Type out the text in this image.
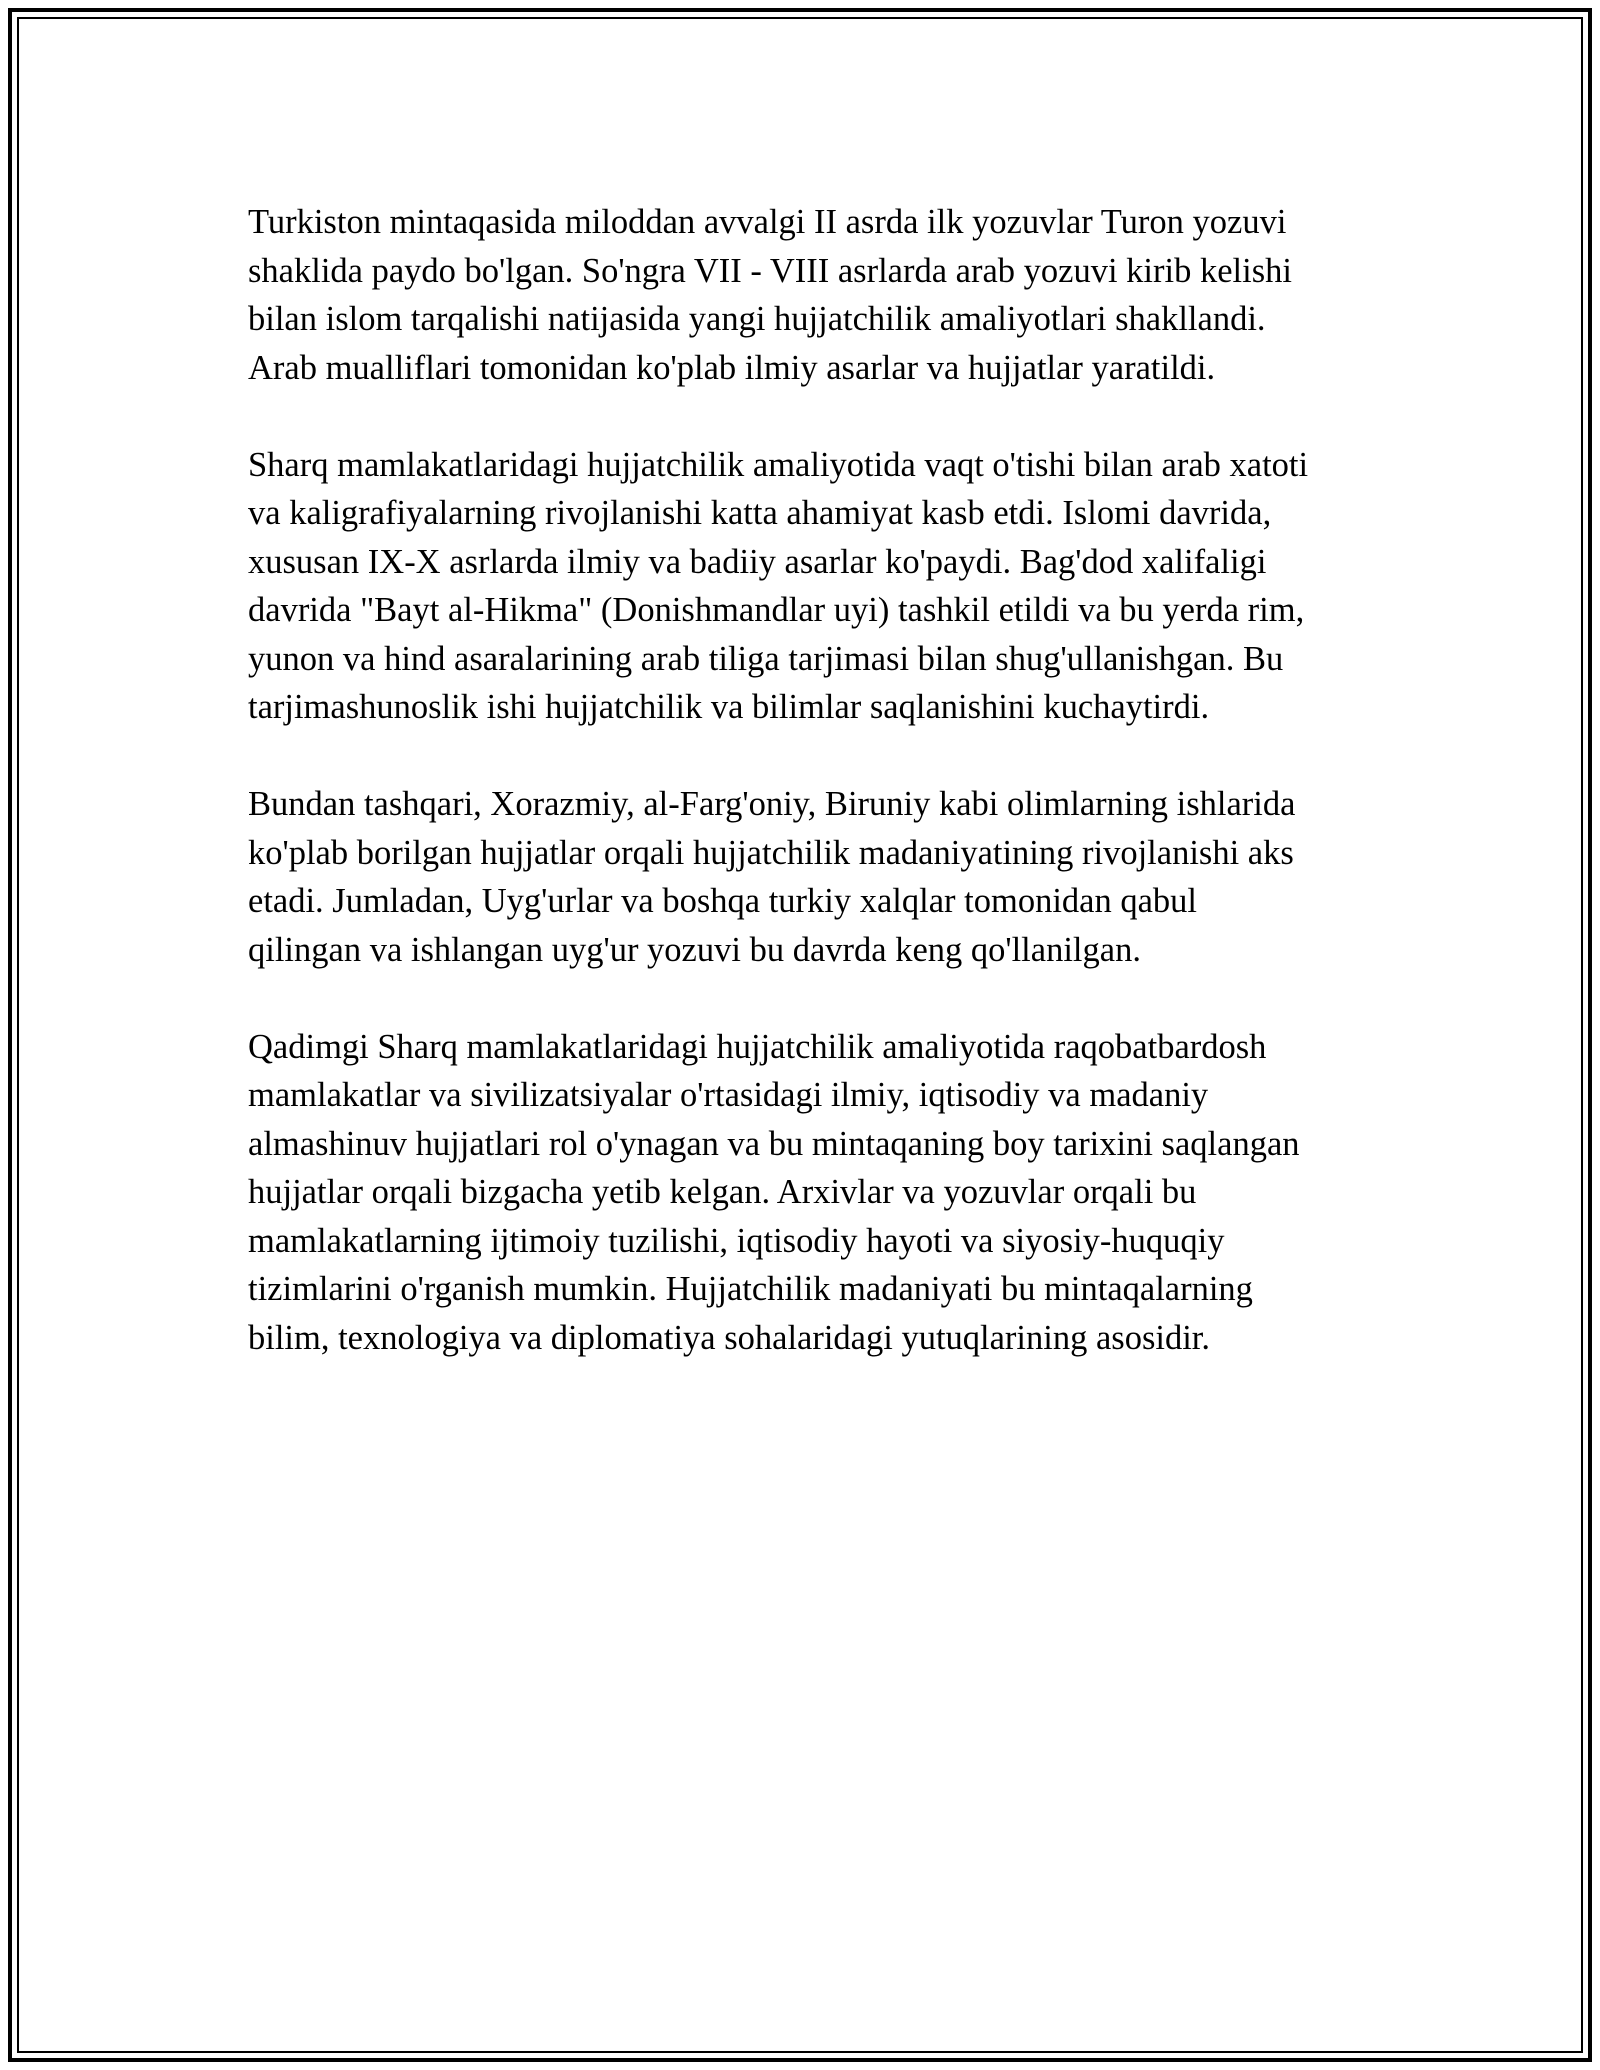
Turkiston mintaqasida miloddan avvalgi II asrda ilk yozuvlar Turon yozuvi
shaklida paydo bo'lgan. So'ngra VII - VIII asrlarda arab yozuvi kirib kelishi
bilan islom tarqalishi natijasida yangi hujjatchilik amaliyotlari shakllandi.
Arab mualliflari tomonidan ko'plab ilmiy asarlar va hujjatlar yaratildi.

Sharq mamlakatlaridagi hujjatchilik amaliyotida vaqt o'tishi bilan arab xatoti
va kaligrafiyalarning rivojlanishi katta ahamiyat kasb etdi. Islomi davrida,
xususan IX-X asrlarda ilmiy va badiiy asarlar ko'paydi. Bag'dod xalifaligi
davrida "Bayt al-Hikma" (Donishmandlar uyi) tashkil etildi va bu yerda rim,
yunon va hind asaralarining arab tiliga tarjimasi bilan shug'ullanishgan. Bu
tarjimashunoslik ishi hujjatchilik va bilimlar saqlanishini kuchaytirdi.

Bundan tashqari, Xorazmiy, al-Farg'oniy, Biruniy kabi olimlarning ishlarida
ko'plab borilgan hujjatlar orqali hujjatchilik madaniyatining rivojlanishi aks
etadi. Jumladan, Uyg'urlar va boshqa turkiy xalqlar tomonidan qabul
qilingan va ishlangan uyg'ur yozuvi bu davrda keng qo'llanilgan.

Qadimgi Sharq mamlakatlaridagi hujjatchilik amaliyotida raqobatbardosh
mamlakatlar va sivilizatsiyalar o'rtasidagi ilmiy, iqtisodiy va madaniy
almashinuv hujjatlari rol o'ynagan va bu mintaqaning boy tarixini saqlangan
hujjatlar orqali bizgacha yetib kelgan. Arxivlar va yozuvlar orqali bu
mamlakatlarning ijtimoiy tuzilishi, iqtisodiy hayoti va siyosiy-huquqiy
tizimlarini o'rganish mumkin. Hujjatchilik madaniyati bu mintaqalarning
bilim, texnologiya va diplomatiya sohalaridagi yutuqlarining asosidir.
